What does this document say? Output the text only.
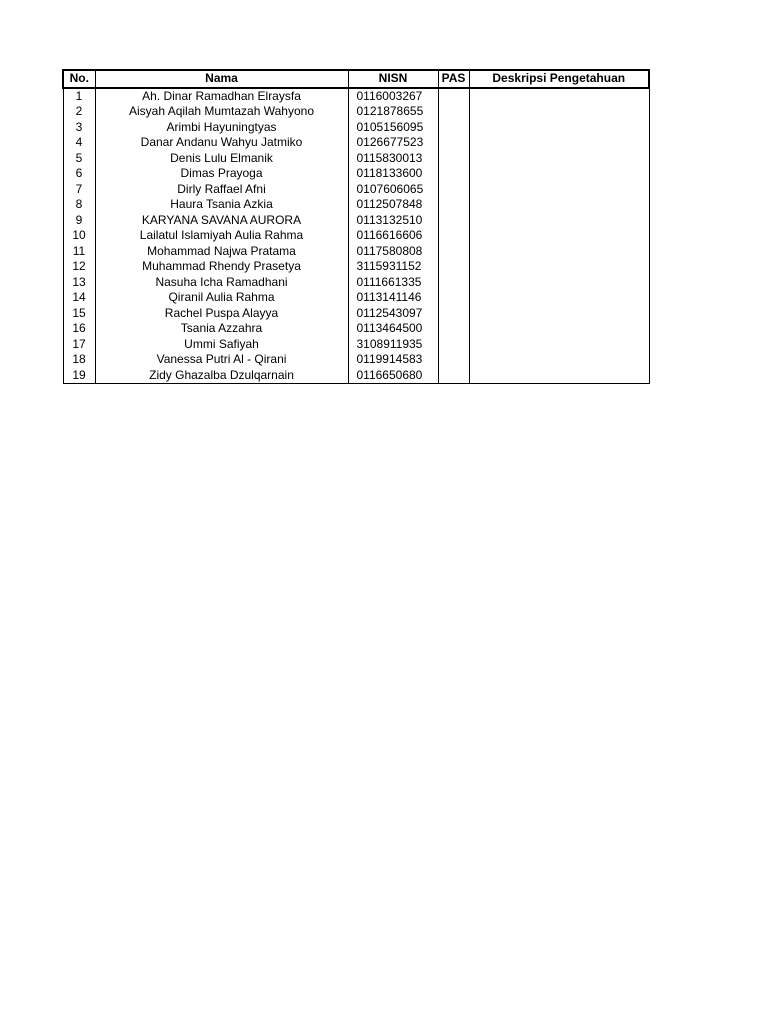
No.	Nama	NISN	PAS	Deskripsi Pengetahuan
1	Ah. Dinar Ramadhan Elraysfa	0116003267		
2	Aisyah Aqilah Mumtazah Wahyono	0121878655		
3	Arimbi Hayuningtyas	0105156095		
4	Danar Andanu Wahyu Jatmiko	0126677523		
5	Denis Lulu Elmanik	0115830013		
6	Dimas Prayoga	0118133600		
7	Dirly Raffael Afni	0107606065		
8	Haura Tsania Azkia	0112507848		
9	KARYANA SAVANA AURORA	0113132510		
10	Lailatul Islamiyah Aulia Rahma	0116616606		
11	Mohammad Najwa Pratama	0117580808		
12	Muhammad Rhendy Prasetya	3115931152		
13	Nasuha Icha Ramadhani	0111661335		
14	Qiranil Aulia Rahma	0113141146		
15	Rachel Puspa Alayya	0112543097		
16	Tsania Azzahra	0113464500		
17	Ummi Safiyah	3108911935		
18	Vanessa Putri Al - Qirani	0119914583		
19	Zidy Ghazalba Dzulqarnain	0116650680		
